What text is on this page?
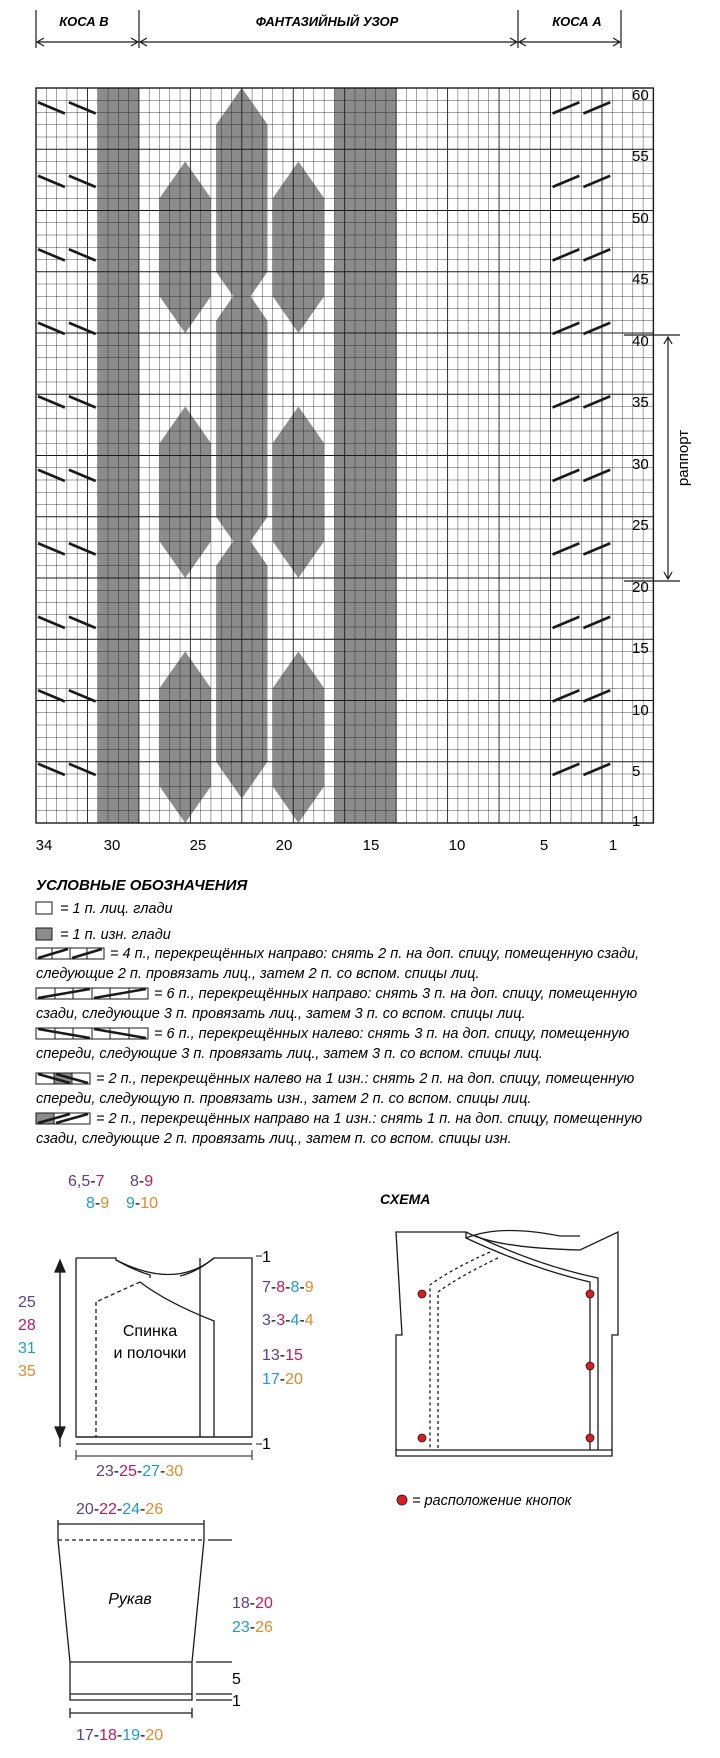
КОСА В	ФАНТАЗИЙНЫЙ УЗОР	КОСА А
60
55
50
45
40
35
30
25
20
15
10
5
1
34	30	25	20	15	10	5	1
раппорт
УСЛОВНЫЕ ОБОЗНАЧЕНИЯ
= 1 п. лиц. глади
= 1 п. изн. глади
= 4 п., перекрещённых направо: снять 2 п. на доп. спицу, помещенную сзади,
следующие 2 п. провязать лиц., затем 2 п. со вспом. спицы лиц.
= 6 п., перекрещённых направо: снять 3 п. на доп. спицу, помещенную
сзади, следующие 3 п. провязать лиц., затем 3 п. со вспом. спицы лиц.
= 6 п., перекрещённых налево: снять 3 п. на доп. спицу, помещенную
спереди, следующие 3 п. провязать лиц., затем 3 п. со вспом. спицы лиц.
= 2 п., перекрещённых налево на 1 изн.: снять 2 п. на доп. спицу, помещенную
спереди, следующую п. провязать изн., затем 2 п. со вспом. спицы лиц.
= 2 п., перекрещённых направо на 1 изн.: снять 1 п. на доп. спицу, помещенную
сзади, следующие 2 п. провязать лиц., затем п. со вспом. спицы изн.
Спинка
и полочки
6,5-7
8-9
8-9
9-10
25
28
31
35
1
7-8-8-9
3-3-4-4
13-15
17-20
1
23-25-27-30
Рукав
20-22-24-26
18-20
23-26
5
1
17-18-19-20
СХЕМА
= расположение кнопок
